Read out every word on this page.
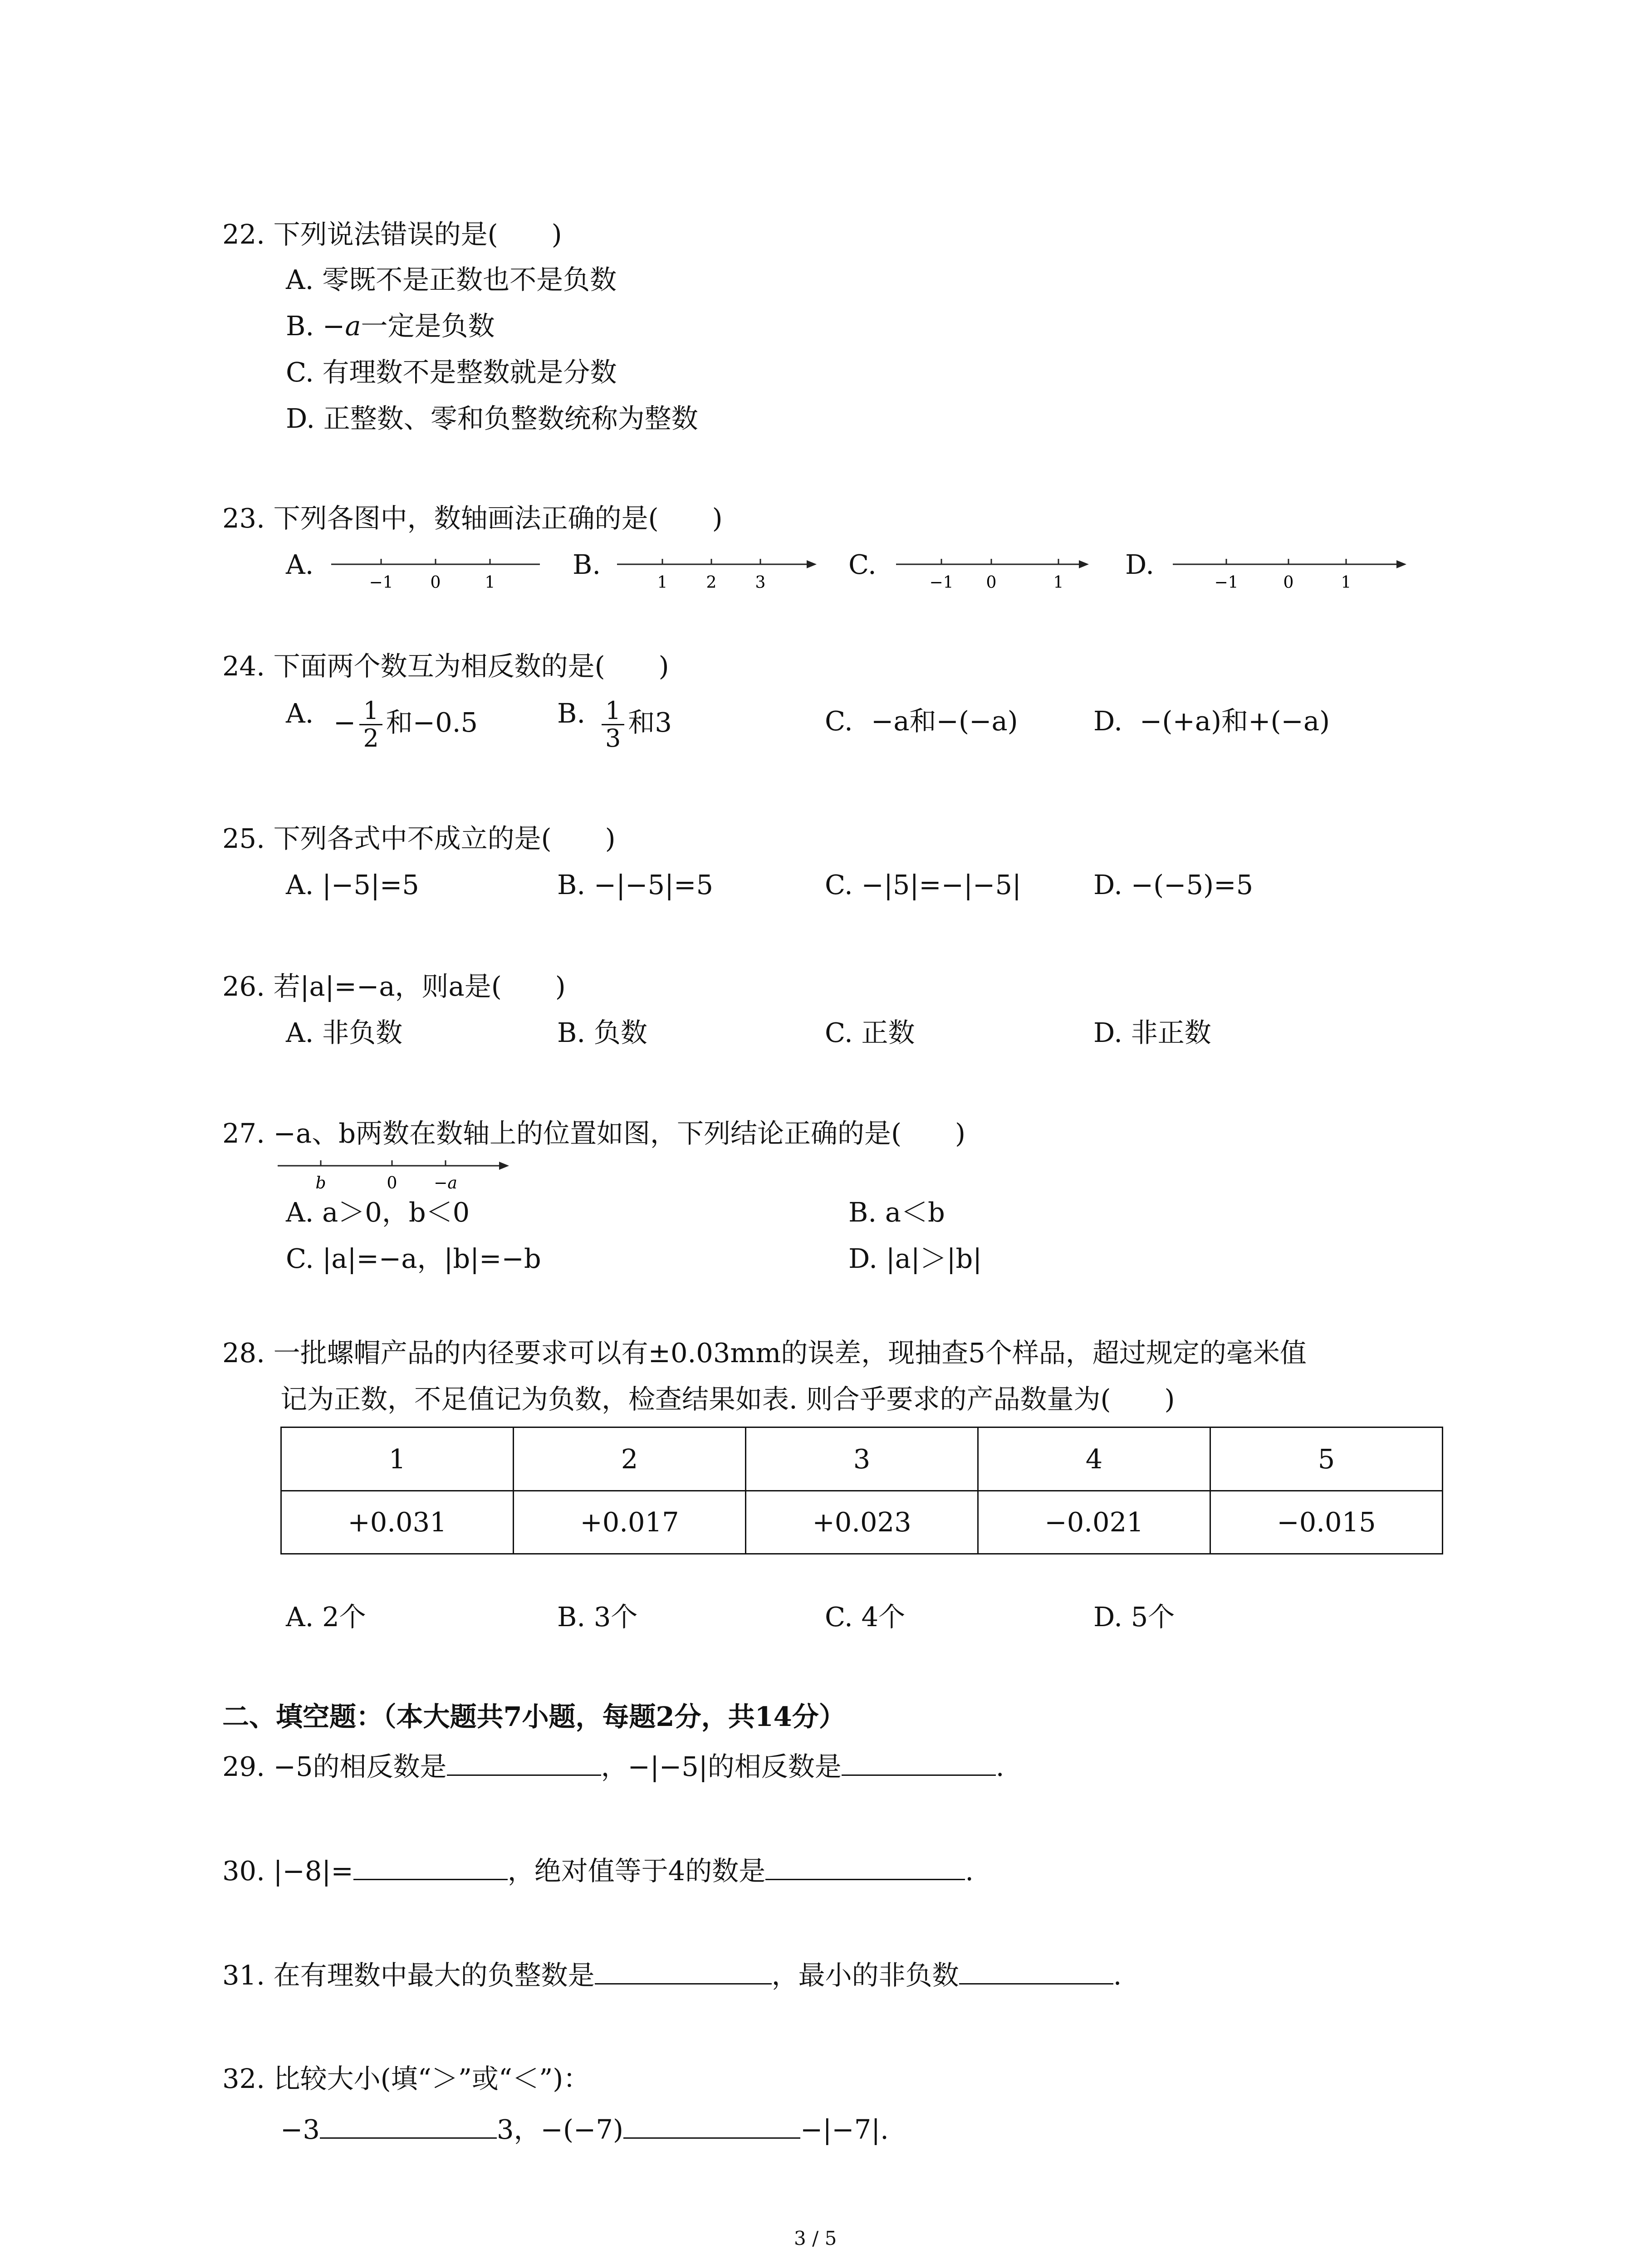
22. 下列说法错误的是(　　)
A. 零既不是正数也不是负数
B. −a一定是负数
C. 有理数不是整数就是分数
D. 正整数、零和负整数统称为整数
23. 下列各图中，数轴画法正确的是(　　)
A.	B.	C.	D.
−1 0	1	1 2 3	−1 0	1	−1	0	1
24. 下面两个数互为相反数的是(　　)
A. − $\frac{1}{2}$ 和−0.5	B. $\frac{1}{3}$ 和3	C. −a和−(−a)	D. −(+a)和+(−a)
25. 下列各式中不成立的是(　　)
A. |−5|=5	B. −|−5|=5	C. −|5|=−|−5|	D. −(−5)=5
26. 若|a|=−a，则a是(　　)
A. 非负数	B. 负数	C. 正数	D. 非正数
27. −a、b两数在数轴上的位置如图，下列结论正确的是(　　)
b	0 −a
A. a＞0，b＜0	B. a＜b
C. |a|=−a，|b|=−b	D. |a|＞|b|
28. 一批螺帽产品的内径要求可以有±0.03mm的误差，现抽查5个样品，超过规定的毫米值
记为正数，不足值记为负数，检查结果如表. 则合乎要求的产品数量为(　　)
1	2	3	4	5
+0.031	+0.017	+0.023	−0.021	−0.015
A. 2个	B. 3个	C. 4个	D. 5个
二、填空题：（本大题共7小题，每题2分，共14分）
29. −5的相反数是	，−|−5|的相反数是	.
30. |−8|=	，绝对值等于4的数是	.
31. 在有理数中最大的负整数是	，最小的非负数	.
32. 比较大小(填“＞”或“＜”)：
−3	3，−(−7)	−|−7|.
3 / 5
